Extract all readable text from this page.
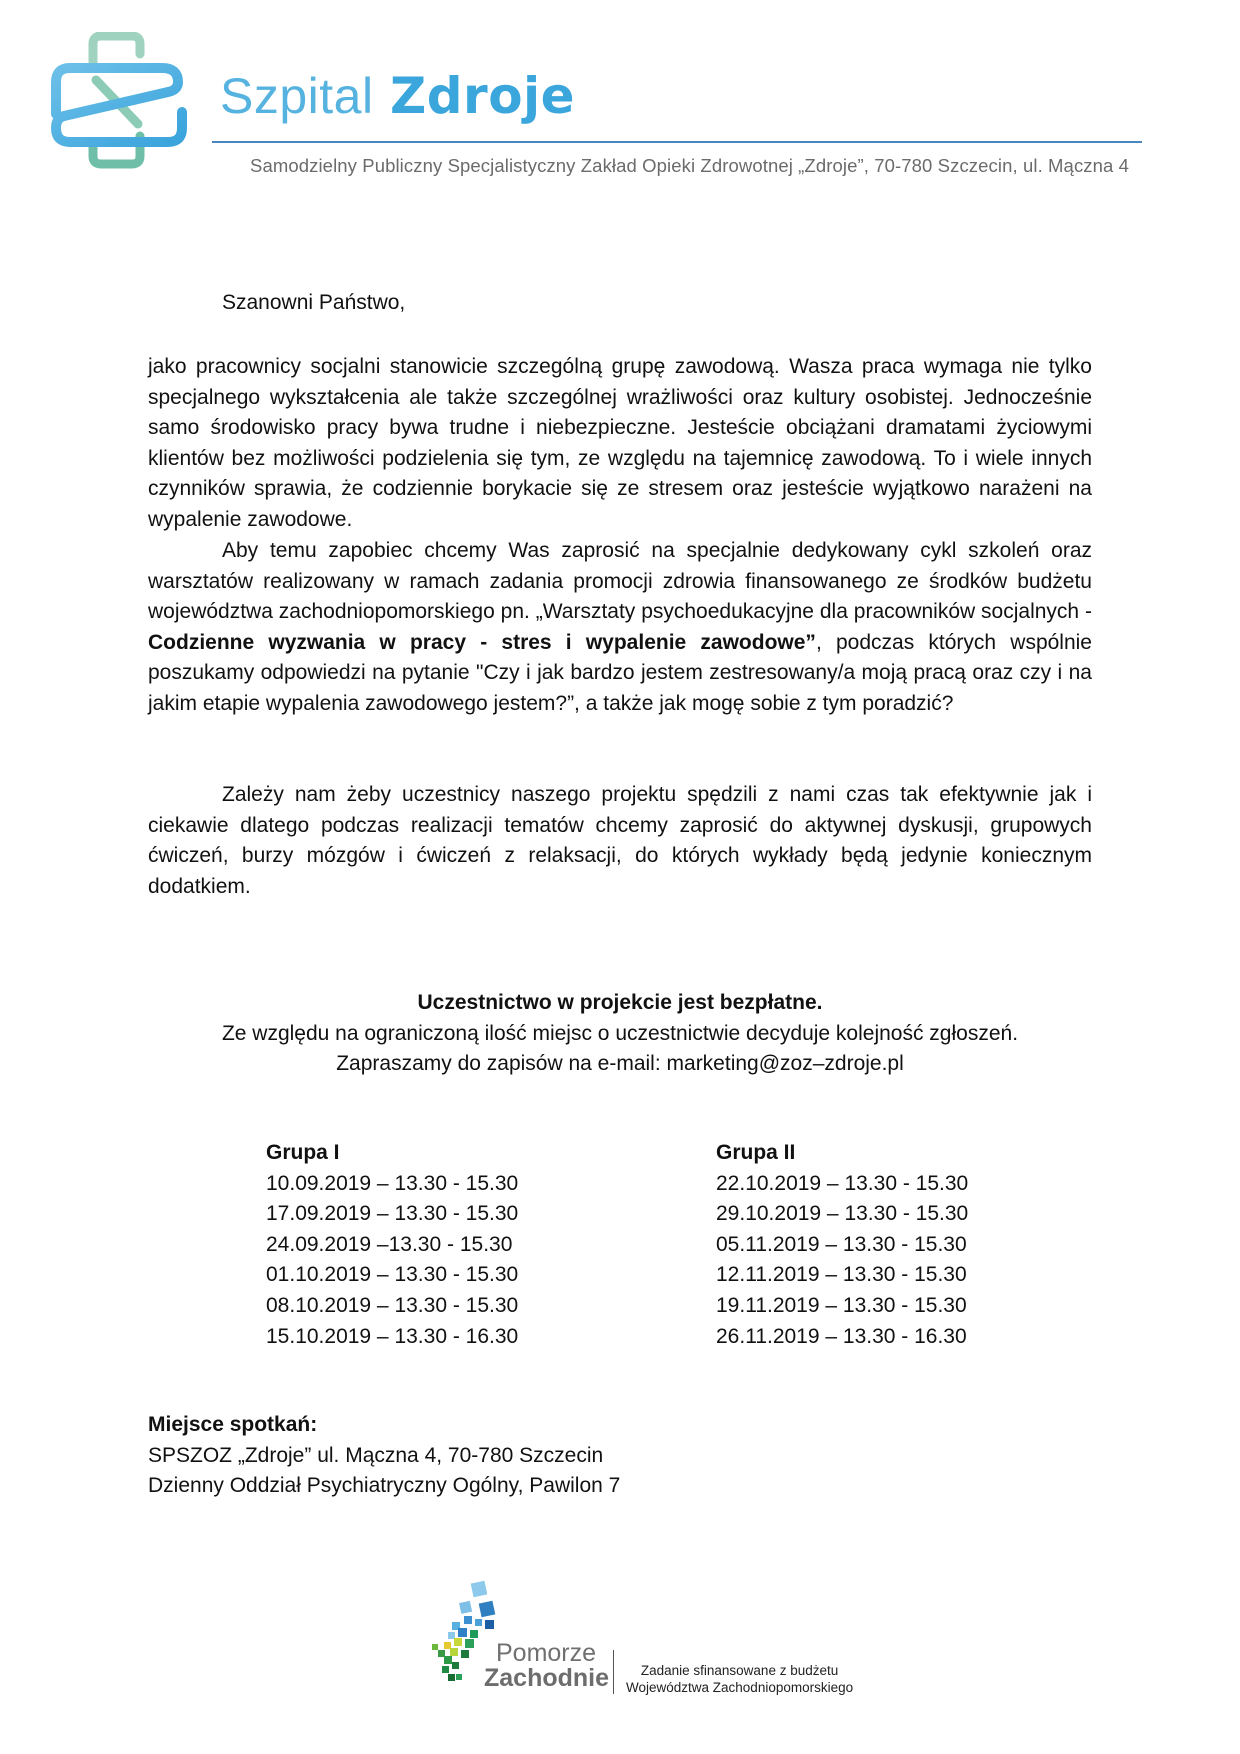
Szpital Zdroje
Samodzielny Publiczny Specjalistyczny Zakład Opieki Zdrowotnej „Zdroje”, 70-780 Szczecin, ul. Mączna 4
Szanowni Państwo,

jako pracownicy socjalni stanowicie szczególną grupę zawodową. Wasza praca wymaga nie tylko specjalnego wykształcenia ale także szczególnej wrażliwości oraz kultury osobistej. Jednocześnie samo środowisko pracy bywa trudne i niebezpieczne. Jesteście obciążani dramatami życiowymi klientów bez możliwości podzielenia się tym, ze względu na tajemnicę zawodową. To i wiele innych czynników sprawia, że codziennie borykacie się ze stresem oraz jesteście wyjątkowo narażeni na wypalenie zawodowe.

Aby temu zapobiec chcemy Was zaprosić na specjalnie dedykowany cykl szkoleń oraz warsztatów realizowany w ramach zadania promocji zdrowia finansowanego ze środków budżetu województwa zachodniopomorskiego pn. „Warsztaty psychoedukacyjne dla pracowników socjalnych - Codzienne wyzwania w pracy - stres i wypalenie zawodowe”, podczas których wspólnie poszukamy odpowiedzi na pytanie "Czy i jak bardzo jestem zestresowany/a moją pracą oraz czy i na jakim etapie wypalenia zawodowego jestem?”, a także jak mogę sobie z tym poradzić?

Zależy nam żeby uczestnicy naszego projektu spędzili z nami czas tak efektywnie jak i ciekawie dlatego podczas realizacji tematów chcemy zaprosić do aktywnej dyskusji, grupowych ćwiczeń, burzy mózgów i ćwiczeń z relaksacji, do których wykłady będą jedynie koniecznym dodatkiem.

Uczestnictwo w projekcie jest bezpłatne.
Ze względu na ograniczoną ilość miejsc o uczestnictwie decyduje kolejność zgłoszeń.
Zapraszamy do zapisów na e-mail: marketing@zoz–zdroje.pl
Grupa I
10.09.2019 – 13.30 - 15.30
17.09.2019 – 13.30 - 15.30
24.09.2019 –13.30 - 15.30
01.10.2019 – 13.30 - 15.30
08.10.2019 – 13.30 - 15.30
15.10.2019 – 13.30 - 16.30
Grupa II
22.10.2019 – 13.30 - 15.30
29.10.2019 – 13.30 - 15.30
05.11.2019 – 13.30 - 15.30
12.11.2019 – 13.30 - 15.30
19.11.2019 – 13.30 - 15.30
26.11.2019 – 13.30 - 16.30
Miejsce spotkań:
SPSZOZ „Zdroje” ul. Mączna 4, 70-780 Szczecin
Dzienny Oddział Psychiatryczny Ogólny, Pawilon 7
Pomorze
Zachodnie	Zadanie sfinansowane z budżetu
Województwa Zachodniopomorskiego
